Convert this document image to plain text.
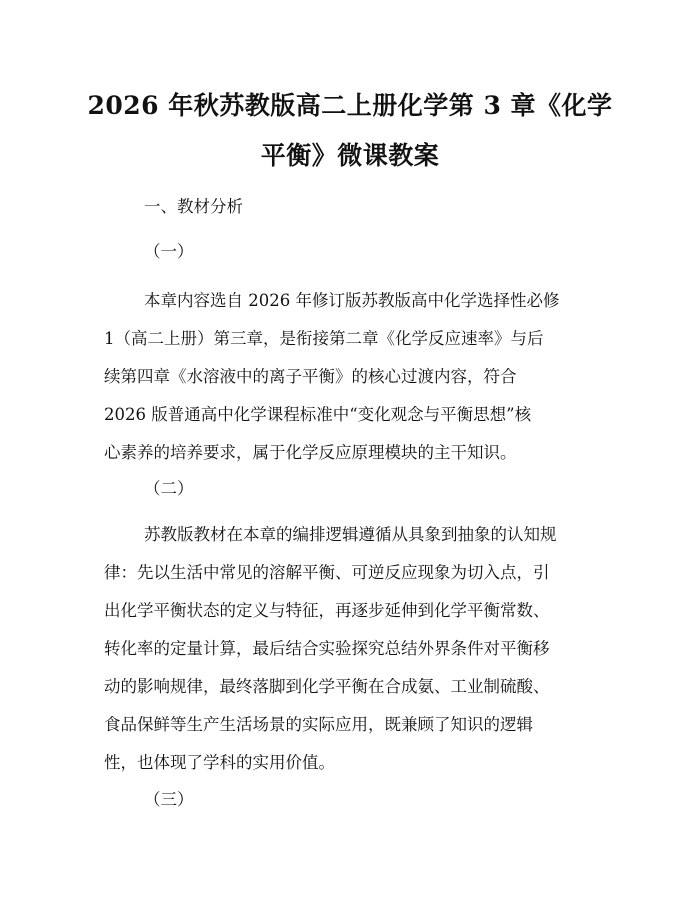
2026 年秋苏教版高二上册化学第 3 章《化学
平衡》微课教案

一、教材分析

（一）

本章内容选自 2026 年修订版苏教版高中化学选择性必修
1（高二上册）第三章，是衔接第二章《化学反应速率》与后
续第四章《水溶液中的离子平衡》的核心过渡内容，符合
2026 版普通高中化学课程标准中“变化观念与平衡思想”核
心素养的培养要求，属于化学反应原理模块的主干知识。

（二）

苏教版教材在本章的编排逻辑遵循从具象到抽象的认知规
律：先以生活中常见的溶解平衡、可逆反应现象为切入点，引
出化学平衡状态的定义与特征，再逐步延伸到化学平衡常数、
转化率的定量计算，最后结合实验探究总结外界条件对平衡移
动的影响规律，最终落脚到化学平衡在合成氨、工业制硫酸、
食品保鲜等生产生活场景的实际应用，既兼顾了知识的逻辑
性，也体现了学科的实用价值。

（三）
